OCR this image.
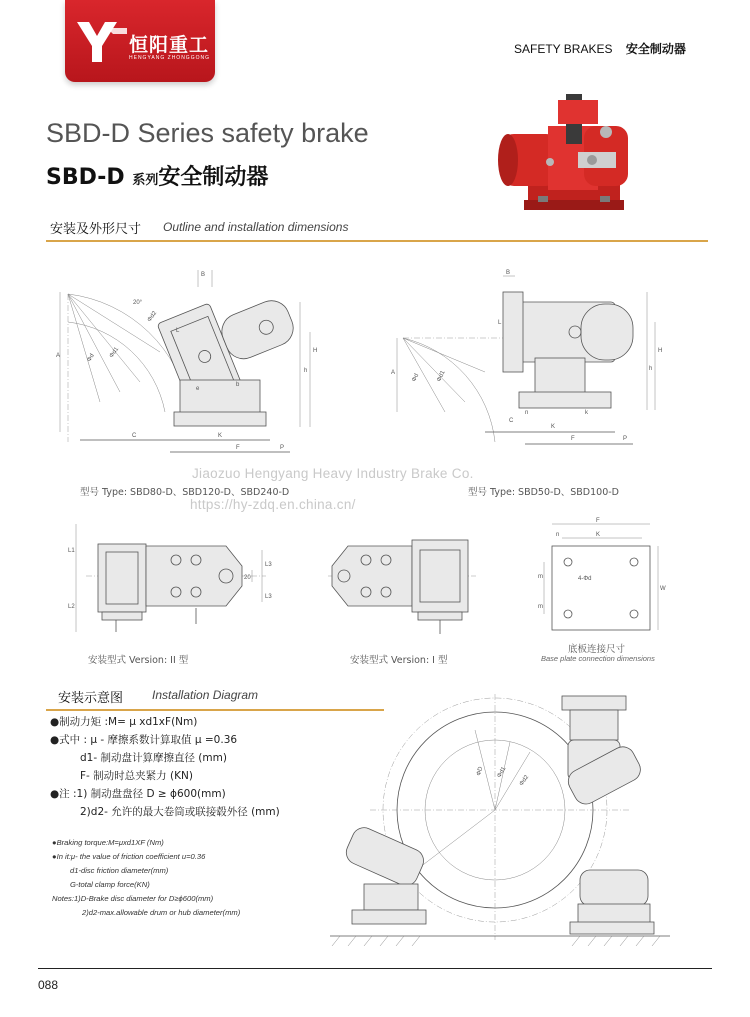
恒阳重工
HENGYANG ZHONGGONG
SAFETY BRAKES 安全制动器
SBD-D Series safety brake
SBD-D 系列安全制动器
安装及外形尺寸 Outline and installation dimensions
B
20°
A	Φd Φd1
Φd2
L
H
h
C	K
F	P
e
b
B
A	Φd	Φd1
L
H
h
C
K
F	P
n	k
Jiaozuo Hengyang Heavy Industry Brake Co.
型号 Type: SBD80-D、SBD120-D、SBD240-D	型号 Type: SBD50-D、SBD100-D
https://hy-zdq.en.china.cn/
L1
L2
L3
20
L3
F
K
n
m	4-Φd
W
m
安装型式 Version: II 型	安装型式 Version: I 型
底板连接尺寸
Base plate connection dimensions
安装示意图 Installation Diagram
●制动力矩 :M= μ xd1xF(Nm)
●式中 : μ - 摩擦系数计算取值 μ =0.36
d1- 制动盘计算摩擦直径 (mm)
F- 制动时总夹紧力 (KN)
●注 :1) 制动盘盘径 D ≥ ϕ600(mm)
2)d2- 允许的最大卷筒或联接毂外径 (mm)
●Braking torque:M=μxd1XF (Nm)
●In it:μ- the value of friction coefficient u=0.36
d1-disc friction diameter(mm)
G-total clamp force(KN)
Notes:1)D-Brake disc diameter for D≥ϕ600(mm)
2)d2-max.allowable drum or hub diameter(mm)
ΦD Φd1
Φd2
088
